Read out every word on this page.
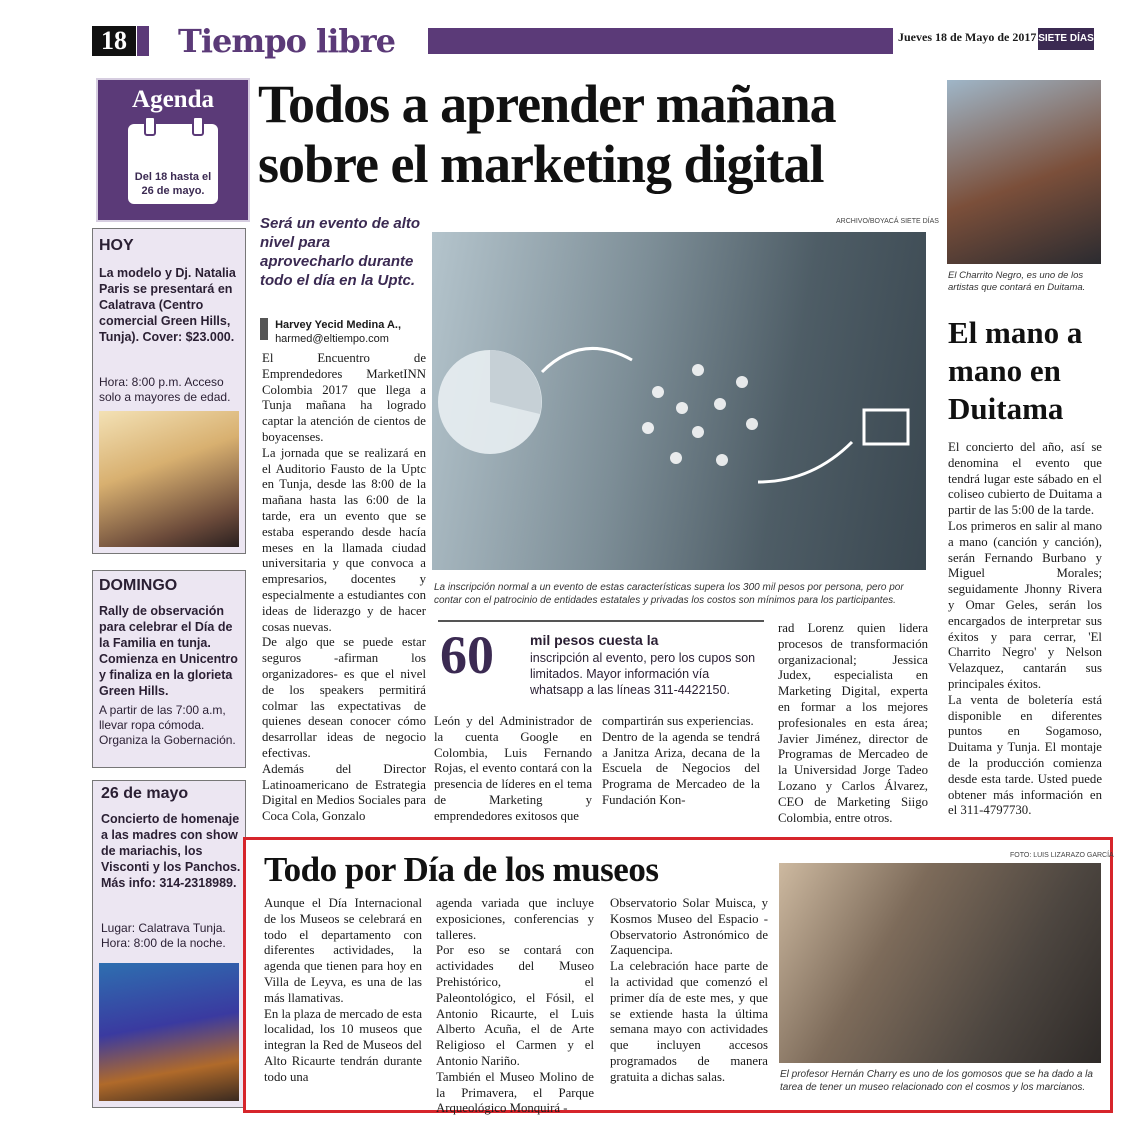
18 Tiempo libre	Jueves 18 de Mayo de 2017 SIETE DÍAS
Agenda
Del 18 hasta el 26 de mayo.
HOY
La modelo y Dj. Natalia Paris se presentará en Calatrava (Centro comercial Green Hills, Tunja). Cover: $23.000.
Hora: 8:00 p.m. Acceso solo a mayores de edad.
DOMINGO
Rally de observación para celebrar el Día de la Familia en tunja. Comienza en Unicentro y finaliza en la glorieta Green Hills.
A partir de las 7:00 a.m, llevar ropa cómoda. Organiza la Gobernación.
26 de mayo
Concierto de homenaje a las madres con show de mariachis, los Visconti y los Panchos. Más info: 314-2318989.
Lugar: Calatrava Tunja. Hora: 8:00 de la noche.
Todos a aprender mañana sobre el marketing digital
Será un evento de alto nivel para aprovecharlo durante todo el día en la Uptc.
Harvey Yecid Medina A.,
harmed@eltiempo.com
El Encuentro de Emprendedores MarketINN Colombia 2017 que llega a Tunja mañana ha logrado captar la atención de cientos de boyacenses.
La jornada que se realizará en el Auditorio Fausto de la Uptc en Tunja, desde las 8:00 de la mañana hasta las 6:00 de la tarde, era un evento que se estaba esperando desde hacía meses en la llamada ciudad universitaria y que convoca a empresarios, docentes y especialmente a estudiantes con ideas de liderazgo y de hacer cosas nuevas.
De algo que se puede estar seguros -afirman los organizadores- es que el nivel de los speakers permitirá colmar las expectativas de quienes desean conocer cómo desarrollar ideas de negocio efectivas.
Además del Director Latinoamericano de Estrategia Digital en Medios Sociales para Coca Cola, Gonzalo
ARCHIVO/BOYACÁ SIETE DÍAS
La inscripción normal a un evento de estas características supera los 300 mil pesos por persona, pero por contar con el patrocinio de entidades estatales y privadas los costos son mínimos para los participantes.
60	mil pesos cuesta la
inscripción al evento, pero los cupos son limitados. Mayor información vía whatsapp a las líneas 311-4422150.
León y del Administrador de la cuenta Google en Colombia, Luis Fernando Rojas, el evento contará con la presencia de líderes en el tema de Marketing y emprendedores exitosos que
compartirán sus experiencias.
Dentro de la agenda se tendrá a Janitza Ariza, decana de la Escuela de Negocios del Programa de Mercadeo de la Fundación Kon-
rad Lorenz quien lidera procesos de transformación organizacional; Jessica Judex, especialista en Marketing Digital, experta en formar a los mejores profesionales en esta área; Javier Jiménez, director de Programas de Mercadeo de la Universidad Jorge Tadeo Lozano y Carlos Álvarez, CEO de Marketing Siigo Colombia, entre otros.
El Charrito Negro, es uno de los artistas que contará en Duitama.
El mano a mano en Duitama
El concierto del año, así se denomina el evento que tendrá lugar este sábado en el coliseo cubierto de Duitama a partir de las 5:00 de la tarde.
Los primeros en salir al mano a mano (canción y canción), serán Fernando Burbano y Miguel Morales; seguidamente Jhonny Rivera y Omar Geles, serán los encargados de interpretar sus éxitos y para cerrar, 'El Charrito Negro' y Nelson Velazquez, cantarán sus principales éxitos.
La venta de boletería está disponible en diferentes puntos en Sogamoso, Duitama y Tunja. El montaje de la producción comienza desde esta tarde. Usted puede obtener más información en el 311-4797730.
Todo por Día de los museos	FOTO: LUIS LIZARAZO GARCÍA
Aunque el Día Internacional de los Museos se celebrará en todo el departamento con diferentes actividades, la agenda que tienen para hoy en Villa de Leyva, es una de las más llamativas.
En la plaza de mercado de esta localidad, los 10 museos que integran la Red de Museos del Alto Ricaurte tendrán durante todo una
agenda variada que incluye exposiciones, conferencias y talleres.
Por eso se contará con actividades del Museo Prehistórico, el Paleontológico, el Fósil, el Antonio Ricaurte, el Luis Alberto Acuña, el de Arte Religioso el Carmen y el Antonio Nariño.
También el Museo Molino de la Primavera, el Parque Arqueológico Monquirá -
Observatorio Solar Muisca, y Kosmos Museo del Espacio - Observatorio Astronómico de Zaquencipa.
La celebración hace parte de la actividad que comenzó el primer día de este mes, y que se extiende hasta la última semana mayo con actividades que incluyen accesos programados de manera gratuita a dichas salas.	El profesor Hernán Charry es uno de los gomosos que se ha dado a la tarea de tener un museo relacionado con el cosmos y los marcianos.
